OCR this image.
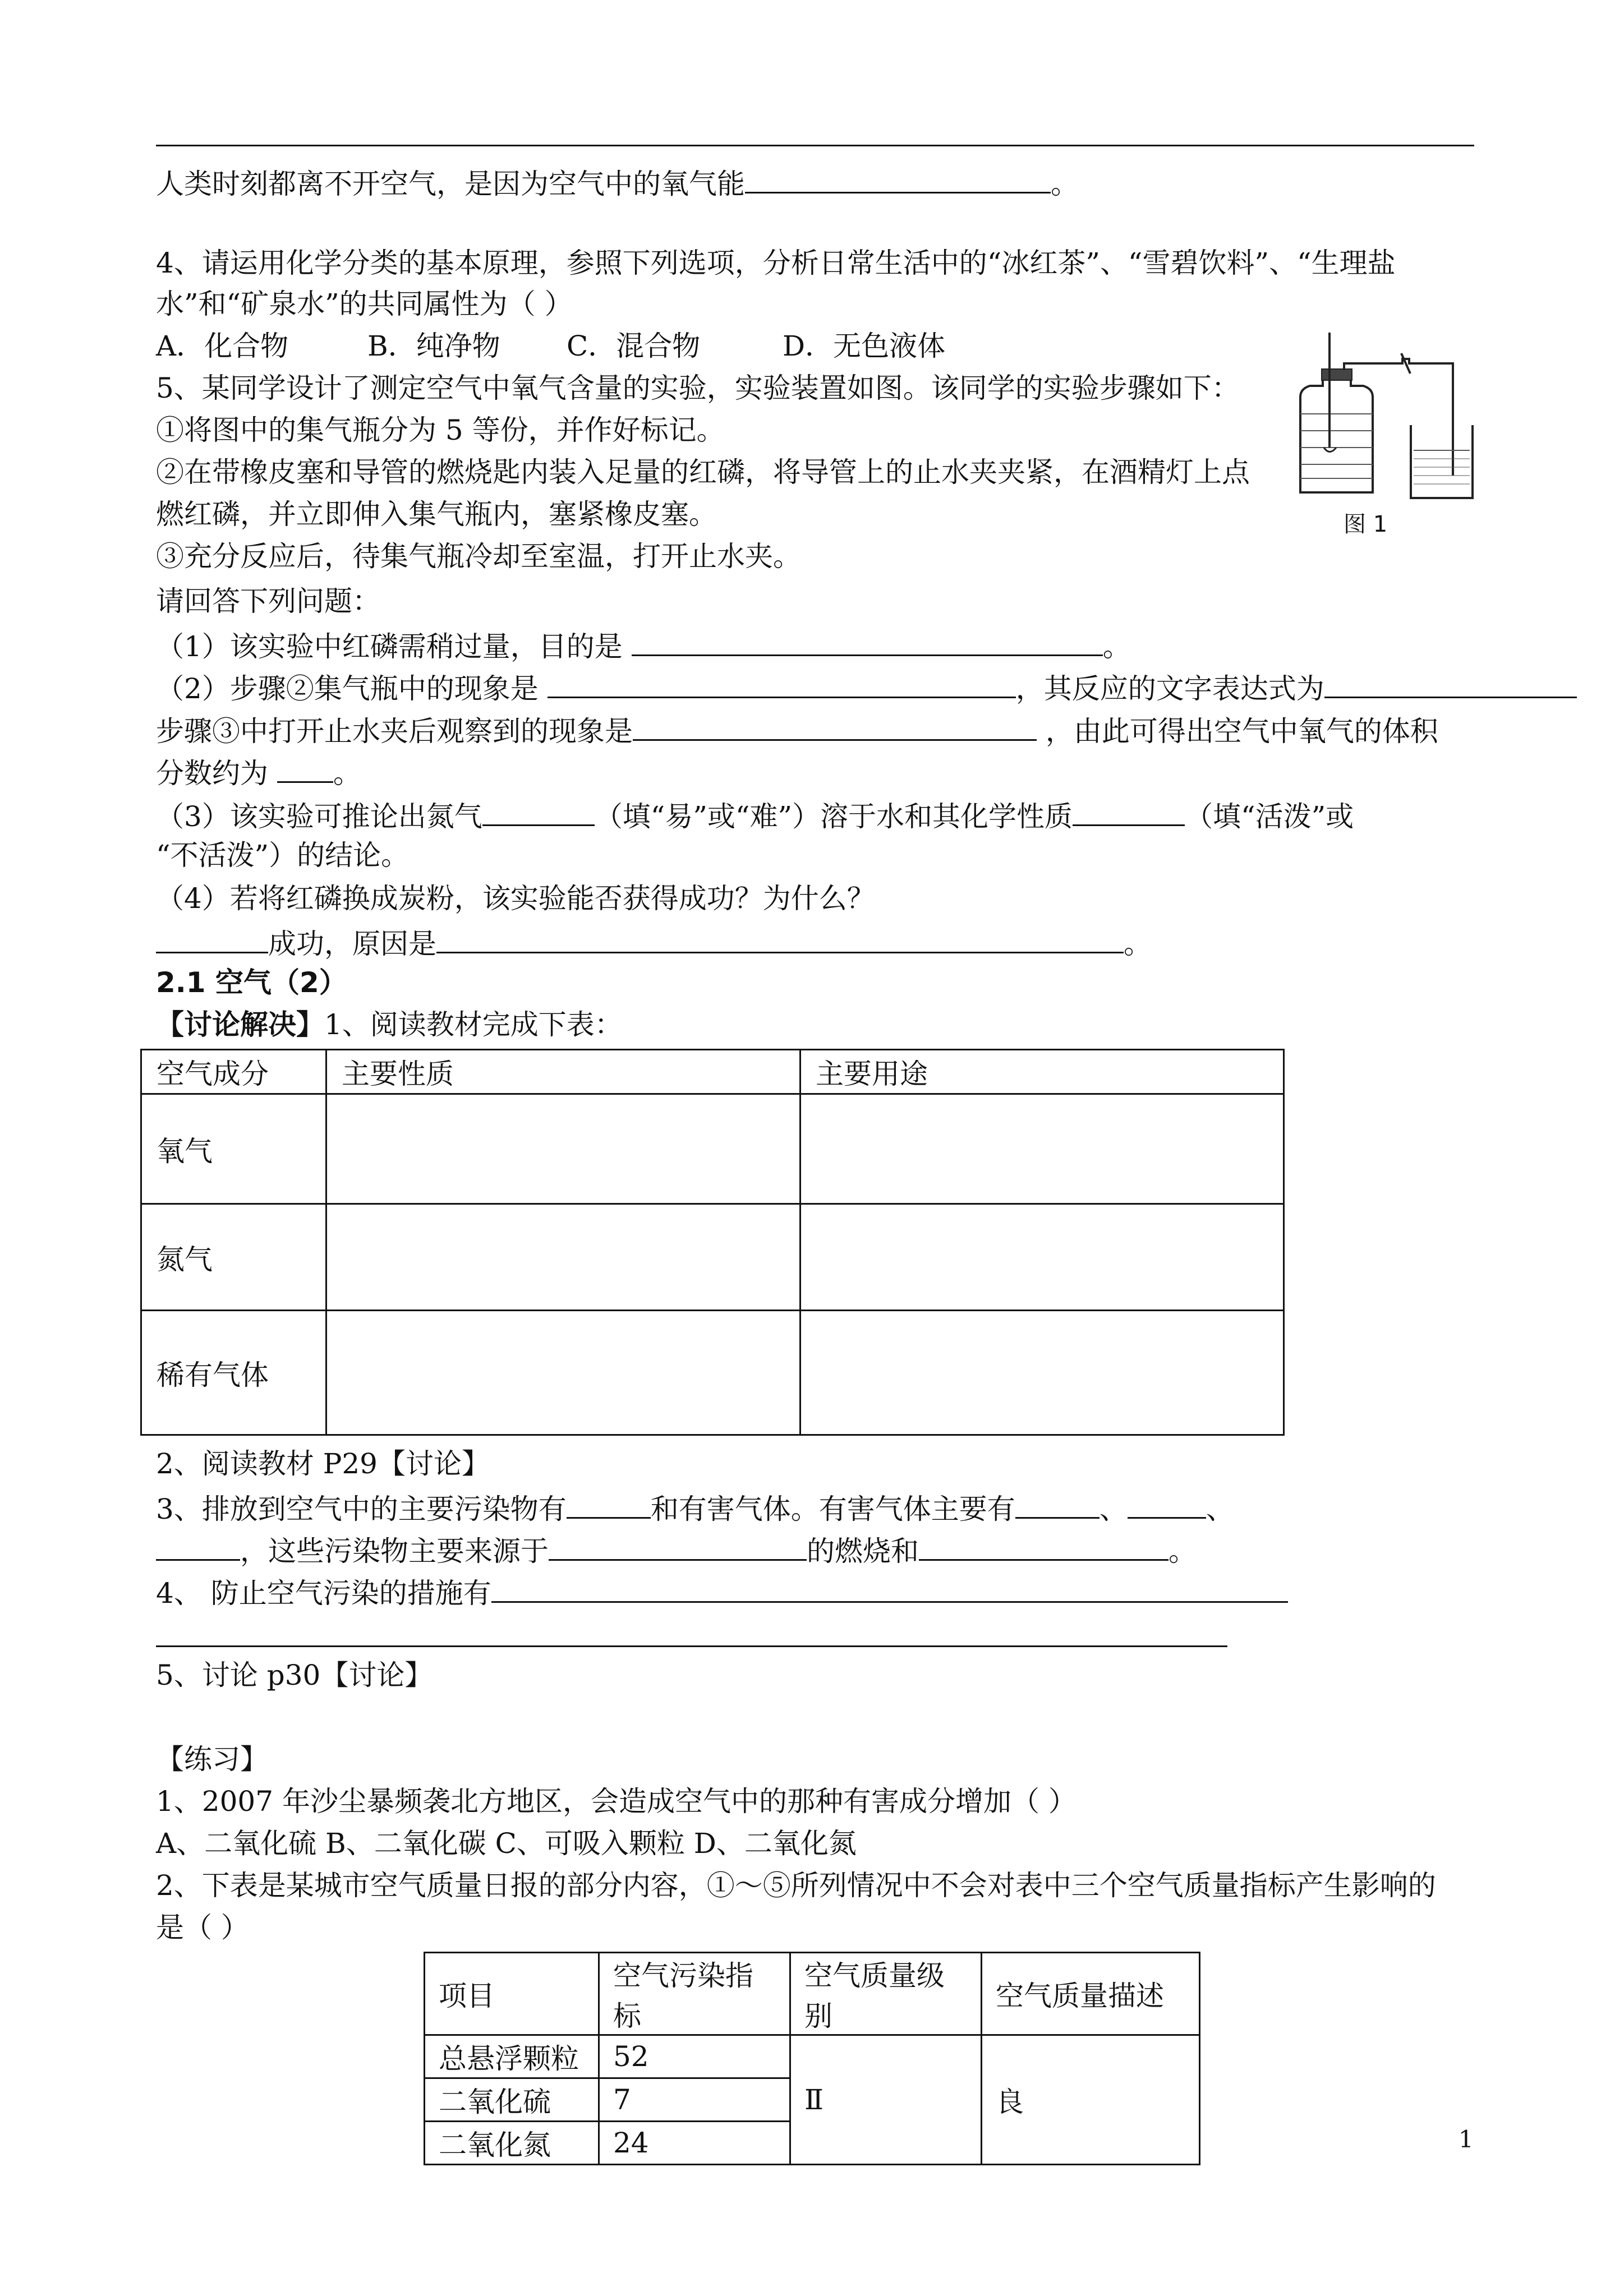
人类时刻都离不开空气，是因为空气中的氧气能	。
4、请运用化学分类的基本原理，参照下列选项，分析日常生活中的“冰红茶”、“雪碧饮料”、“生理盐
水”和“矿泉水”的共同属性为（ ）
A．化合物	B．纯净物 C．混合物	D．无色液体
5、某同学设计了测定空气中氧气含量的实验，实验装置如图。该同学的实验步骤如下：
①将图中的集气瓶分为 5 等份，并作好标记。
②在带橡皮塞和导管的燃烧匙内装入足量的红磷，将导管上的止水夹夹紧，在酒精灯上点
燃红磷，并立即伸入集气瓶内，塞紧橡皮塞。
③充分反应后，待集气瓶冷却至室温，打开止水夹。
图 1
请回答下列问题：
（1）该实验中红磷需稍过量，目的是	。
（2）步骤②集气瓶中的现象是	，其反应的文字表达式为
步骤③中打开止水夹后观察到的现象是	，由此可得出空气中氧气的体积
分数约为 。
（3）该实验可推论出氮气	（填“易”或“难”）溶于水和其化学性质	（填“活泼”或
“不活泼”）的结论。
（4）若将红磷换成炭粉，该实验能否获得成功？为什么？
成功，原因是	。
2.1 空气（2）
【讨论解决】1、阅读教材完成下表：
空气成分	主要性质	主要用途
氧气		
氮气		
稀有气体		
2、阅读教材 P29【讨论】
3、排放到空气中的主要污染物有	和有害气体。有害气体主要有	、	、
，这些污染物主要来源于	的燃烧和	。
4、 防止空气污染的措施有
5、讨论 p30【讨论】
【练习】
1、2007 年沙尘暴频袭北方地区，会造成空气中的那种有害成分增加（ ）
A、二氧化硫 B、二氧化碳 C、可吸入颗粒 D、二氧化氮
2、下表是某城市空气质量日报的部分内容，①～⑤所列情况中不会对表中三个空气质量指标产生影响的
是（ ）
项目	空气污染指标	空气质量级别	空气质量描述
总悬浮颗粒	52	Ⅱ	良
二氧化硫	7		
二氧化氮	24			1
